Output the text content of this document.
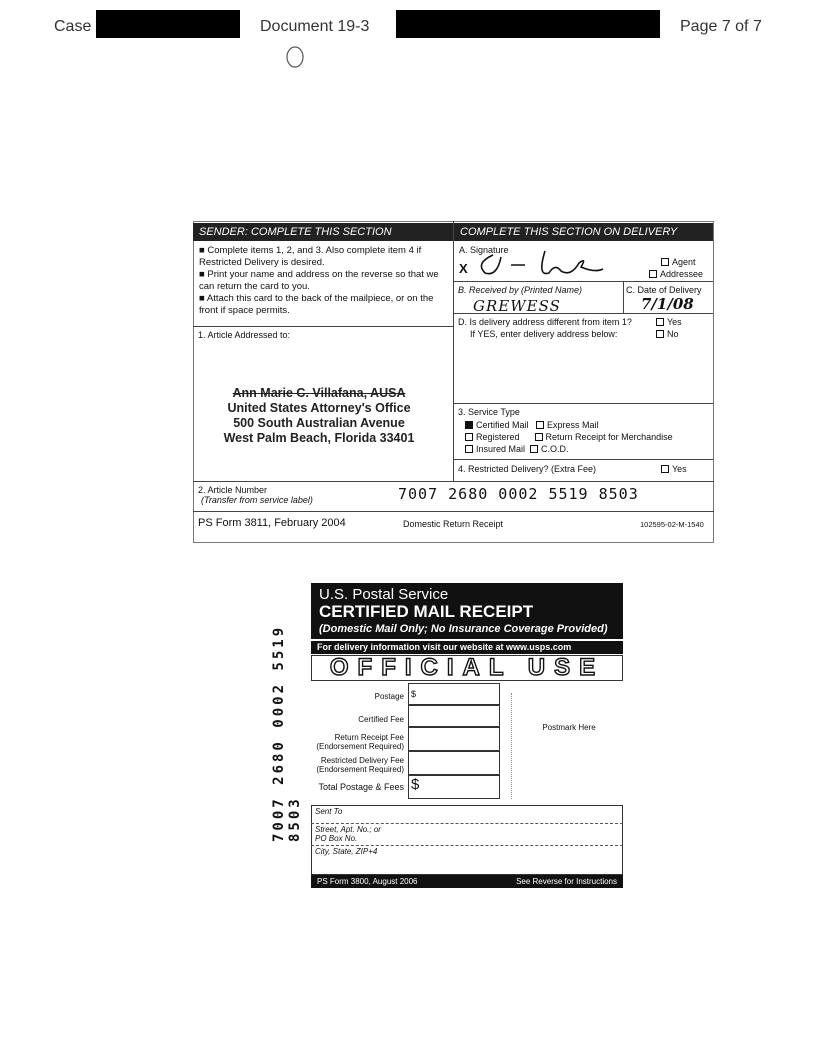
Case	Document 19-3	Page 7 of 7
SENDER: COMPLETE THIS SECTION
■ Complete items 1, 2, and 3. Also complete item 4 if Restricted Delivery is desired.
■ Print your name and address on the reverse so that we can return the card to you.
■ Attach this card to the back of the mailpiece, or on the front if space permits.
1. Article Addressed to:
Ann Marie C. Villafana, AUSA
United States Attorney's Office
500 South Australian Avenue
West Palm Beach, Florida 33401
COMPLETE THIS SECTION ON DELIVERY
A. Signature
X	Agent
Addressee
B. Received by (Printed Name)
GREWESS
C. Date of Delivery
7/1/08
D. Is delivery address different from item 1?	Yes
If YES, enter delivery address below:	No
3. Service Type
Certified Mail Express Mail
Registered	Return Receipt for Merchandise
Insured Mail C.O.D.
4. Restricted Delivery? (Extra Fee)	Yes
2. Article Number
(Transfer from service label)	7007 2680 0002 5519 8503
PS Form 3811, February 2004	Domestic Return Receipt	102595-02-M-1540
7007 2680 0002 5519 8503
U.S. Postal Service
CERTIFIED MAIL RECEIPT
(Domestic Mail Only; No Insurance Coverage Provided)
For delivery information visit our website at www.usps.com
OFFICIAL USE
Postage $
Certified Fee
Return Receipt Fee (Endorsement Required)
Restricted Delivery Fee (Endorsement Required)
Total Postage & Fees $
Postmark Here
Sent To
Street, Apt. No.; or PO Box No.
City, State, ZIP+4
PS Form 3800, August 2006	See Reverse for Instructions
